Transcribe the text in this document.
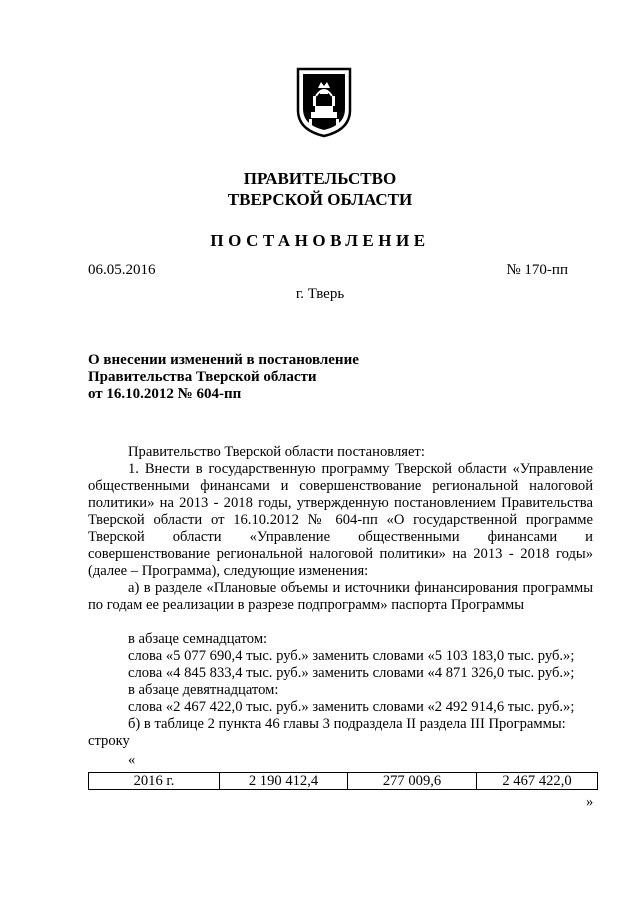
ПРАВИТЕЛЬСТВО
ТВЕРСКОЙ ОБЛАСТИ
ПОСТАНОВЛЕНИЕ
06.05.2016	№ 170-пп
г. Тверь
О внесении изменений в постановление
Правительства Тверской области
от 16.10.2012 № 604-пп
Правительство Тверской области постановляет:
1. Внести в государственную программу Тверской области «Управление общественными финансами и совершенствование региональной налоговой политики» на 2013 - 2018 годы, утвержденную постановлением Правительства Тверской области от 16.10.2012 № 604-пп «О государственной программе Тверской области «Управление общественными финансами и совершенствование региональной налоговой политики» на 2013 - 2018 годы» (далее – Программа), следующие изменения:
а) в разделе «Плановые объемы и источники финансирования программы по годам ее реализации в разрезе подпрограмм» паспорта Программы
в абзаце семнадцатом:
слова «5 077 690,4 тыс. руб.» заменить словами «5 103 183,0 тыс. руб.»;
слова «4 845 833,4 тыс. руб.» заменить словами «4 871 326,0 тыс. руб.»;
в абзаце девятнадцатом:
слова «2 467 422,0 тыс. руб.» заменить словами «2 492 914,6 тыс. руб.»;
б) в таблице 2 пункта 46 главы 3 подраздела II раздела III Программы:
строку
«
2016 г.	2 190 412,4	277 009,6	2 467 422,0
»
